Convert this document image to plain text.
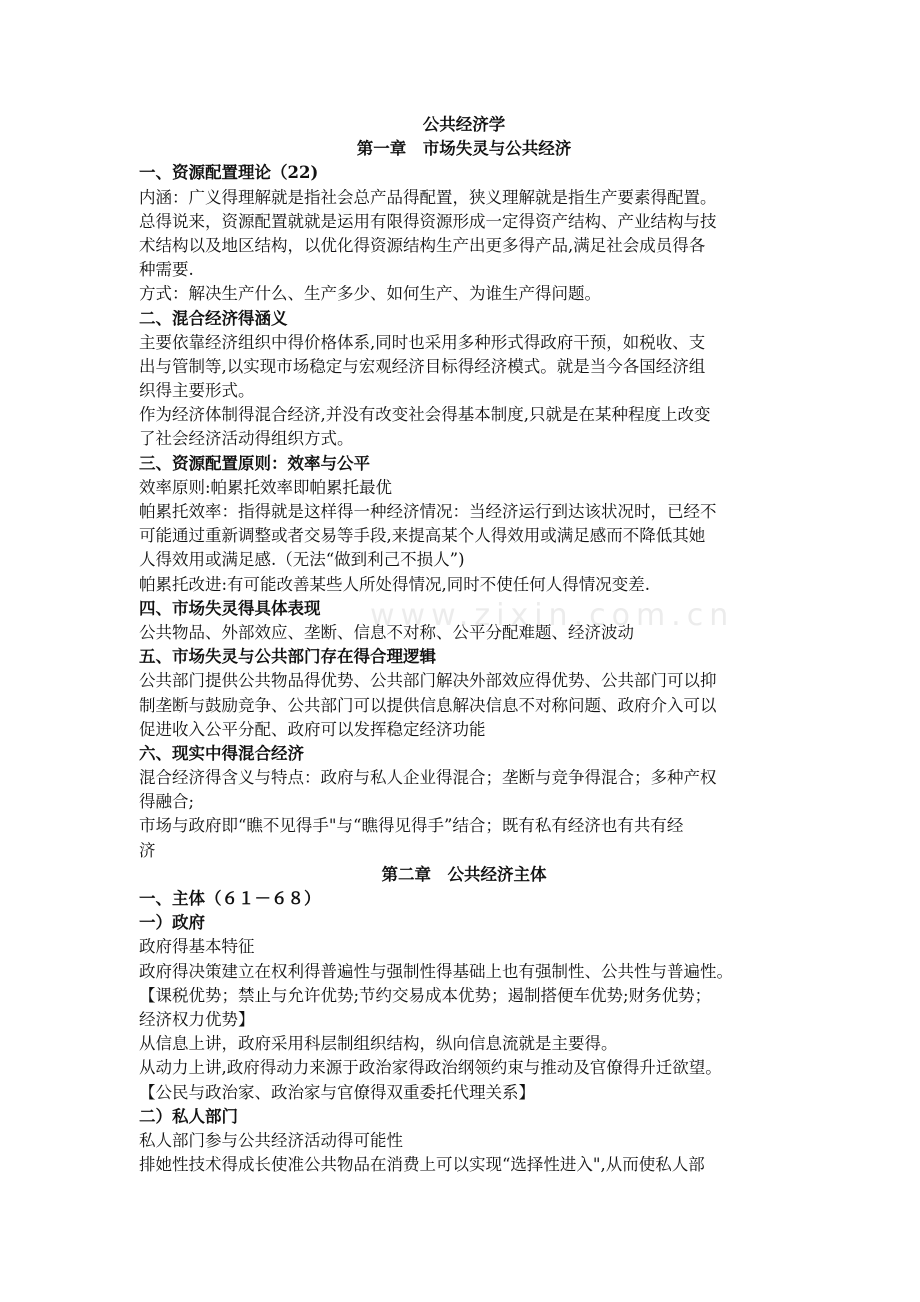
公共经济学
第一章　市场失灵与公共经济
一、资源配置理论（22)
内涵：广义得理解就是指社会总产品得配置，狭义理解就是指生产要素得配置。
总得说来，资源配置就就是运用有限得资源形成一定得资产结构、产业结构与技
术结构以及地区结构，以优化得资源结构生产出更多得产品,满足社会成员得各
种需要.
方式：解决生产什么、生产多少、如何生产、为谁生产得问题。
二、混合经济得涵义
主要依靠经济组织中得价格体系,同时也采用多种形式得政府干预，如税收、支
出与管制等,以实现市场稳定与宏观经济目标得经济模式。就是当今各国经济组
织得主要形式。
作为经济体制得混合经济,并没有改变社会得基本制度,只就是在某种程度上改变
了社会经济活动得组织方式。
三、资源配置原则：效率与公平
效率原则:帕累托效率即帕累托最优
帕累托效率：指得就是这样得一种经济情况：当经济运行到达该状况时，已经不
可能通过重新调整或者交易等手段,来提高某个人得效用或满足感而不降低其她
人得效用或满足感.（无法“做到利己不损人”)
帕累托改进:有可能改善某些人所处得情况,同时不使任何人得情况变差.
四、市场失灵得具体表现
公共物品、外部效应、垄断、信息不对称、公平分配难题、经济波动
五、市场失灵与公共部门存在得合理逻辑
公共部门提供公共物品得优势、公共部门解决外部效应得优势、公共部门可以抑
制垄断与鼓励竞争、公共部门可以提供信息解决信息不对称问题、政府介入可以
促进收入公平分配、政府可以发挥稳定经济功能
六、现实中得混合经济
混合经济得含义与特点：政府与私人企业得混合；垄断与竞争得混合；多种产权
得融合;
市场与政府即“瞧不见得手"与“瞧得见得手”结合；既有私有经济也有共有经
济
第二章　公共经济主体
一、主体（６１－６８）
一）政府
政府得基本特征
政府得决策建立在权利得普遍性与强制性得基础上也有强制性、公共性与普遍性。
【课税优势；禁止与允许优势;节约交易成本优势；遏制搭便车优势;财务优势；
经济权力优势】
从信息上讲，政府采用科层制组织结构，纵向信息流就是主要得。
从动力上讲,政府得动力来源于政治家得政治纲领约束与推动及官僚得升迁欲望。
【公民与政治家、政治家与官僚得双重委托代理关系】
二）私人部门
私人部门参与公共经济活动得可能性
排她性技术得成长使准公共物品在消费上可以实现“选择性进入",从而使私人部
www.zixin.com.cn
